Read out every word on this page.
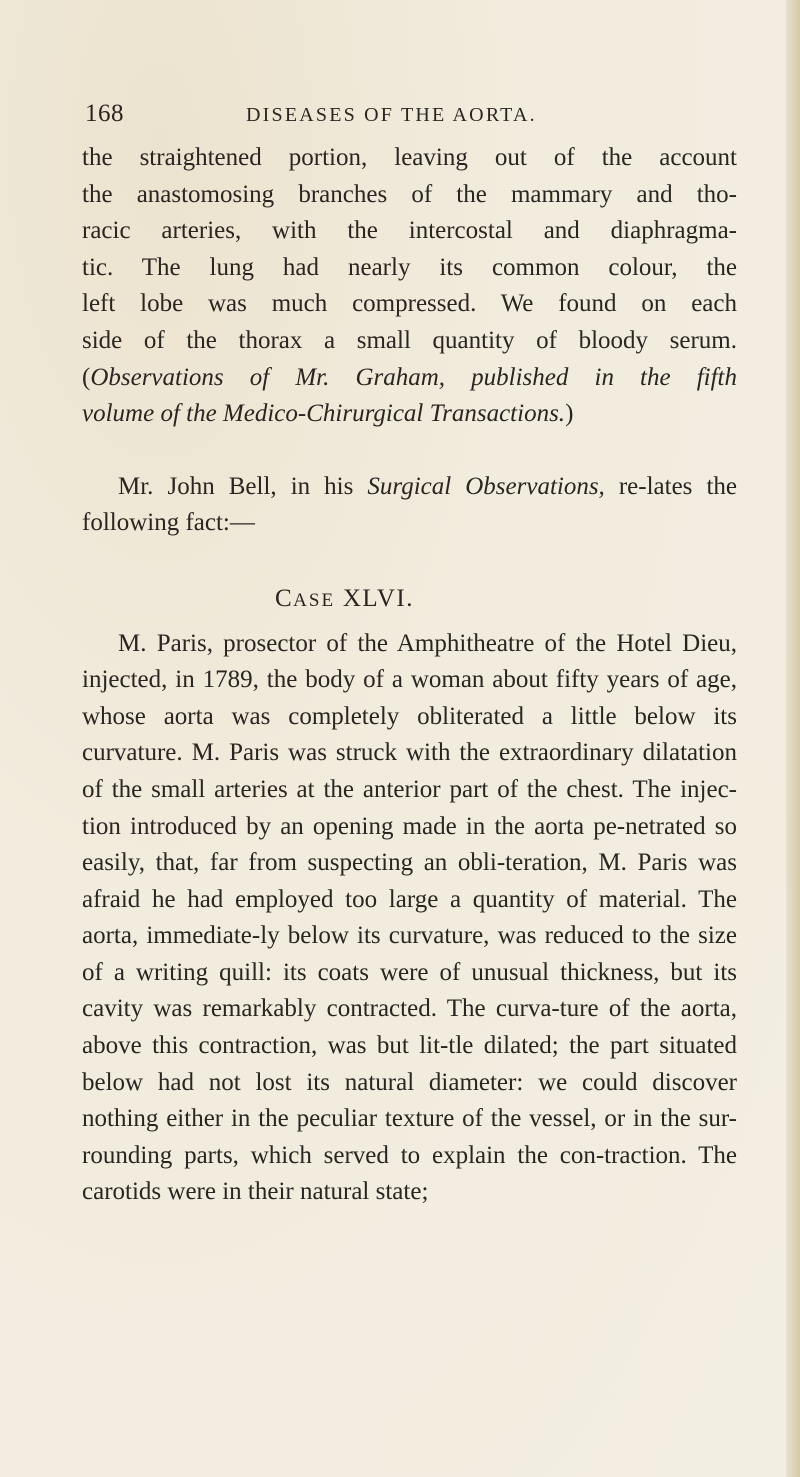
168	DISEASES OF THE AORTA.

the straightened portion, leaving out of the account
the anastomosing branches of the mammary and tho-
racic arteries, with the intercostal and diaphragma-
tic. The lung had nearly its common colour, the
left lobe was much compressed. We found on each
side of the thorax a small quantity of bloody serum.
(Observations of Mr. Graham, published in the fifth
volume of the Medico-Chirurgical Transactions.)

Mr. John Bell, in his Surgical Observations, re-lates the following fact:—

CASE XLVI.

M. Paris, prosector of the Amphitheatre of the Hotel Dieu, injected, in 1789, the body of a woman about fifty years of age, whose aorta was completely obliterated a little below its curvature. M. Paris was struck with the extraordinary dilatation of the small arteries at the anterior part of the chest. The injec-tion introduced by an opening made in the aorta pe-netrated so easily, that, far from suspecting an obli-teration, M. Paris was afraid he had employed too large a quantity of material. The aorta, immediate-ly below its curvature, was reduced to the size of a writing quill: its coats were of unusual thickness, but its cavity was remarkably contracted. The curva-ture of the aorta, above this contraction, was but lit-tle dilated; the part situated below had not lost its natural diameter: we could discover nothing either in the peculiar texture of the vessel, or in the sur-rounding parts, which served to explain the con-traction. The carotids were in their natural state;
